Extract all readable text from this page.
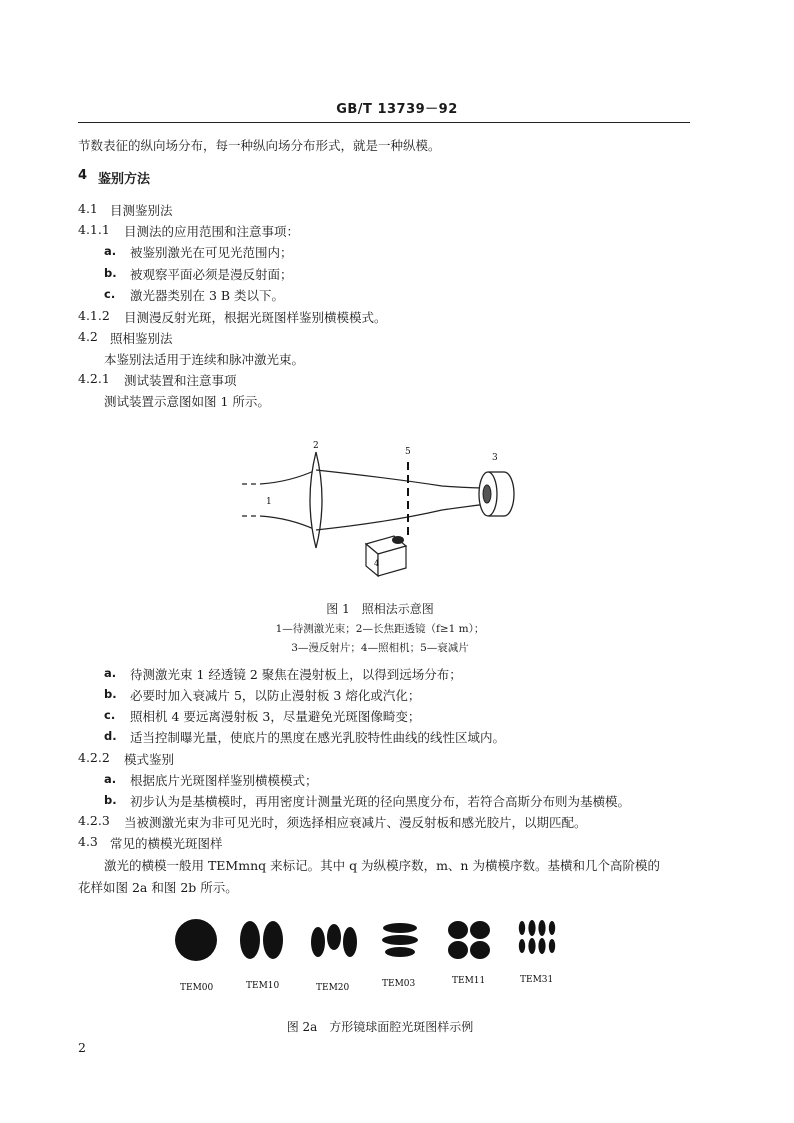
GB/T 13739－92
节数表征的纵向场分布，每一种纵向场分布形式，就是一种纵模。
4 鉴别方法
4.1 目测鉴别法
4.1.1 目测法的应用范围和注意事项：
a. 被鉴别激光在可见光范围内；
b. 被观察平面必须是漫反射面；
c. 激光器类别在 3 B 类以下。
4.1.2 目测漫反射光斑，根据光斑图样鉴别横模模式。
4.2 照相鉴别法
本鉴别法适用于连续和脉冲激光束。
4.2.1 测试装置和注意事项
测试装置示意图如图 1 所示。
1
2
3
4
5
图 1　照相法示意图
1—待测激光束；2—长焦距透镜（f≥1 m）；
3—漫反射片；4—照相机；5—衰减片
a. 待测激光束 1 经透镜 2 聚焦在漫射板上，以得到远场分布；
b. 必要时加入衰减片 5，以防止漫射板 3 熔化或汽化；
c. 照相机 4 要远离漫射板 3，尽量避免光斑图像畸变；
d. 适当控制曝光量，使底片的黑度在感光乳胶特性曲线的线性区域内。
4.2.2 模式鉴别
a. 根据底片光斑图样鉴别横模模式；
b. 初步认为是基横模时，再用密度计测量光斑的径向黑度分布，若符合高斯分布则为基横模。
4.2.3 当被测激光束为非可见光时，须选择相应衰减片、漫反射板和感光胶片，以期匹配。
4.3 常见的横模光斑图样
激光的横模一般用 TEMmnq 来标记。其中 q 为纵模序数，m、n 为横模序数。基横和几个高阶模的
花样如图 2a 和图 2b 所示。
TEM00	TEM10	TEM20	TEM03	TEM11	TEM31
图 2a　方形镜球面腔光斑图样示例
2
